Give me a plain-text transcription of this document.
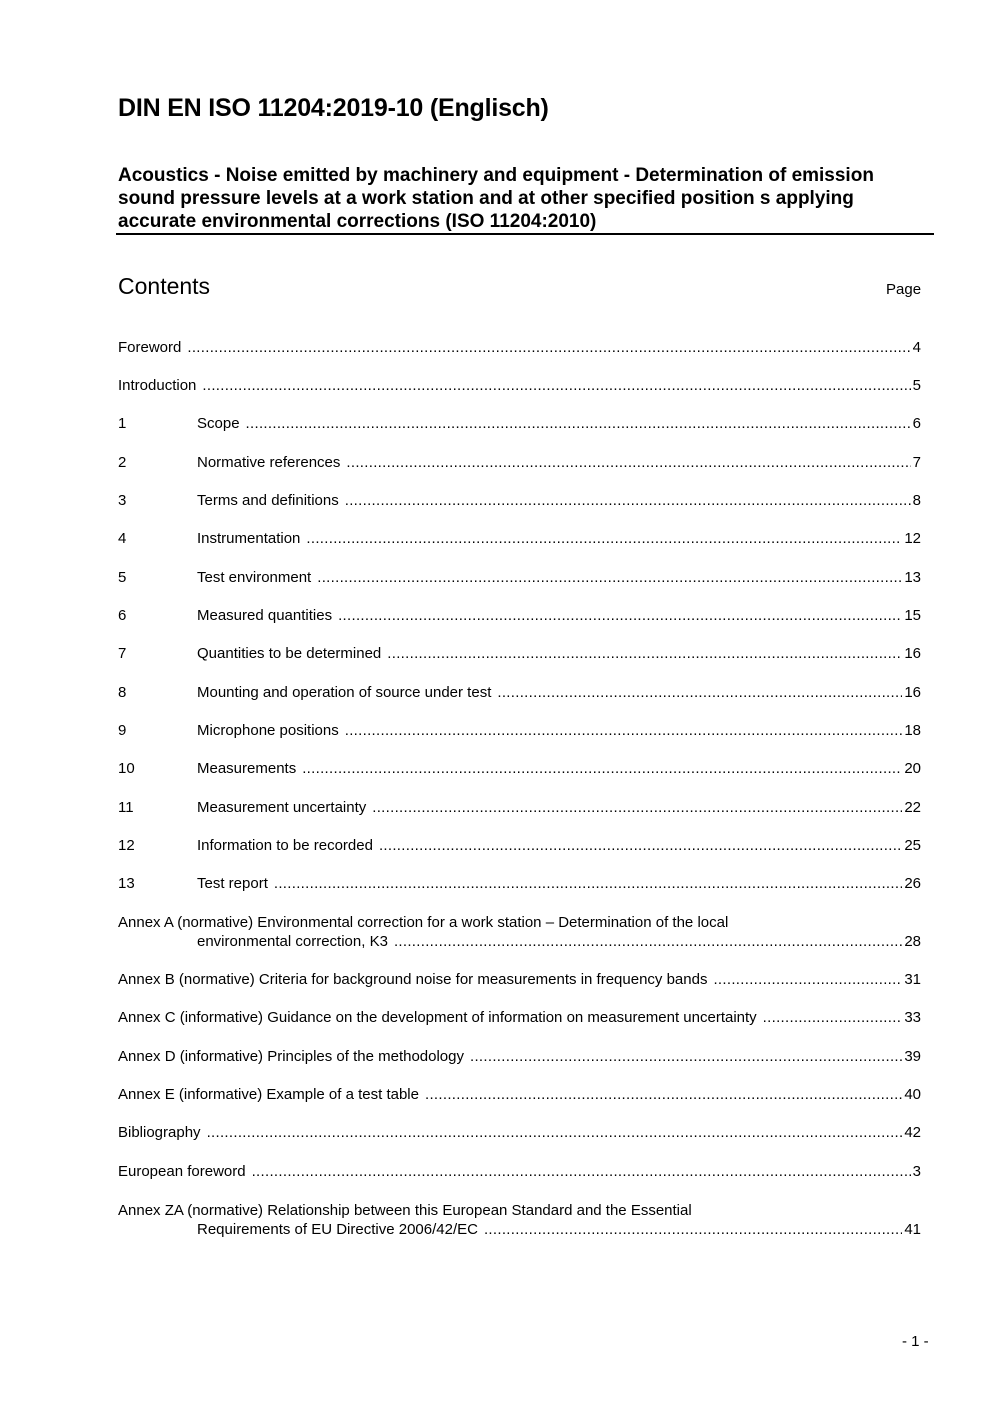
DIN EN ISO 11204:2019-10 (Englisch)
Acoustics - Noise emitted by machinery and equipment - Determination of emission
sound pressure levels at a work station and at other specified position s applying
accurate environmental corrections (ISO 11204:2010)
Contents	Page
Foreword .....	4
Introduction .....	5
1	Scope .....	6
2	Normative references .....	7
3	Terms and definitions .....	8
4	Instrumentation .....	12
5	Test environment .....	13
6	Measured quantities .....	15
7	Quantities to be determined .....	16
8	Mounting and operation of source under test .....	16
9	Microphone positions .....	18
10	Measurements .....	20
11	Measurement uncertainty .....	22
12	Information to be recorded .....	25
13	Test report .....	26
Annex A (normative) Environmental correction for a work station – Determination of the local
environmental correction, K3 .....	28
Annex B (normative) Criteria for background noise for measurements in frequency bands .....	31
Annex C (informative) Guidance on the development of information on measurement uncertainty .....	33
Annex D (informative) Principles of the methodology .....	39
Annex E (informative) Example of a test table .....	40
Bibliography .....	42
European foreword .....	3
Annex ZA (normative) Relationship between this European Standard and the Essential
Requirements of EU Directive 2006/42/EC .....	41
- 1 -
